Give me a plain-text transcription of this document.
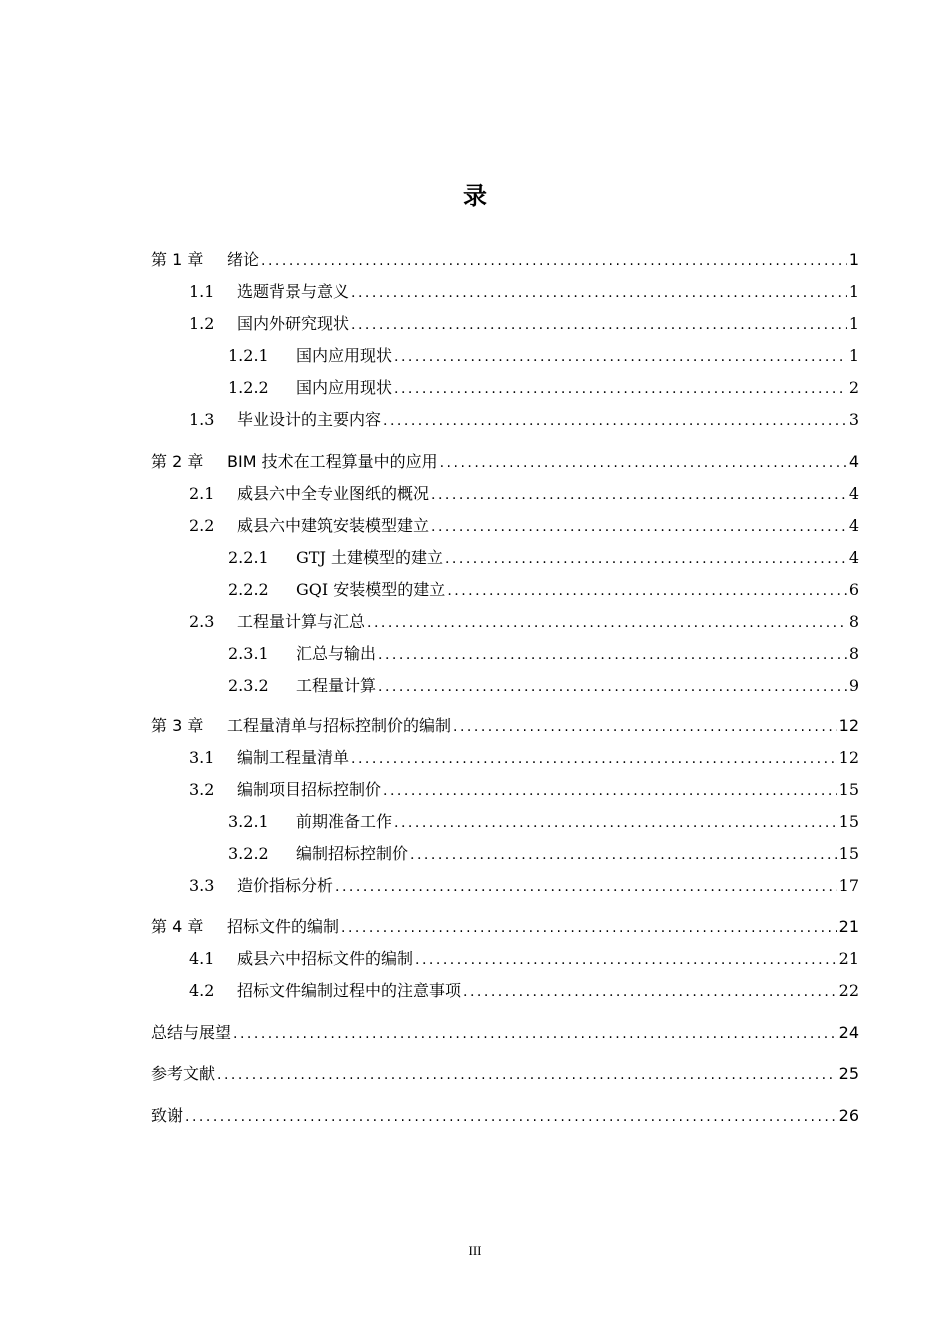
录
第 1 章	绪论 .....	1
1.1	选题背景与意义 .....	1
1.2	国内外研究现状 .....	1
1.2.1	国内应用现状 .....	1
1.2.2	国内应用现状 .....	2
1.3	毕业设计的主要内容 .....	3
第 2 章	BIM 技术在工程算量中的应用 .....	4
2.1	威县六中全专业图纸的概况 .....	4
2.2	威县六中建筑安装模型建立 .....	4
2.2.1	GTJ 土建模型的建立 .....	4
2.2.2	GQI 安装模型的建立 .....	6
2.3	工程量计算与汇总 .....	8
2.3.1	汇总与输出 .....	8
2.3.2	工程量计算 .....	9
第 3 章	工程量清单与招标控制价的编制 .....	12
3.1	编制工程量清单 .....	12
3.2	编制项目招标控制价 .....	15
3.2.1	前期准备工作 .....	15
3.2.2	编制招标控制价 .....	15
3.3	造价指标分析 .....	17
第 4 章	招标文件的编制 .....	21
4.1	威县六中招标文件的编制 .....	21
4.2	招标文件编制过程中的注意事项 .....	22
总结与展望 .....	24
参考文献 .....	25
致谢 .....	26
III
